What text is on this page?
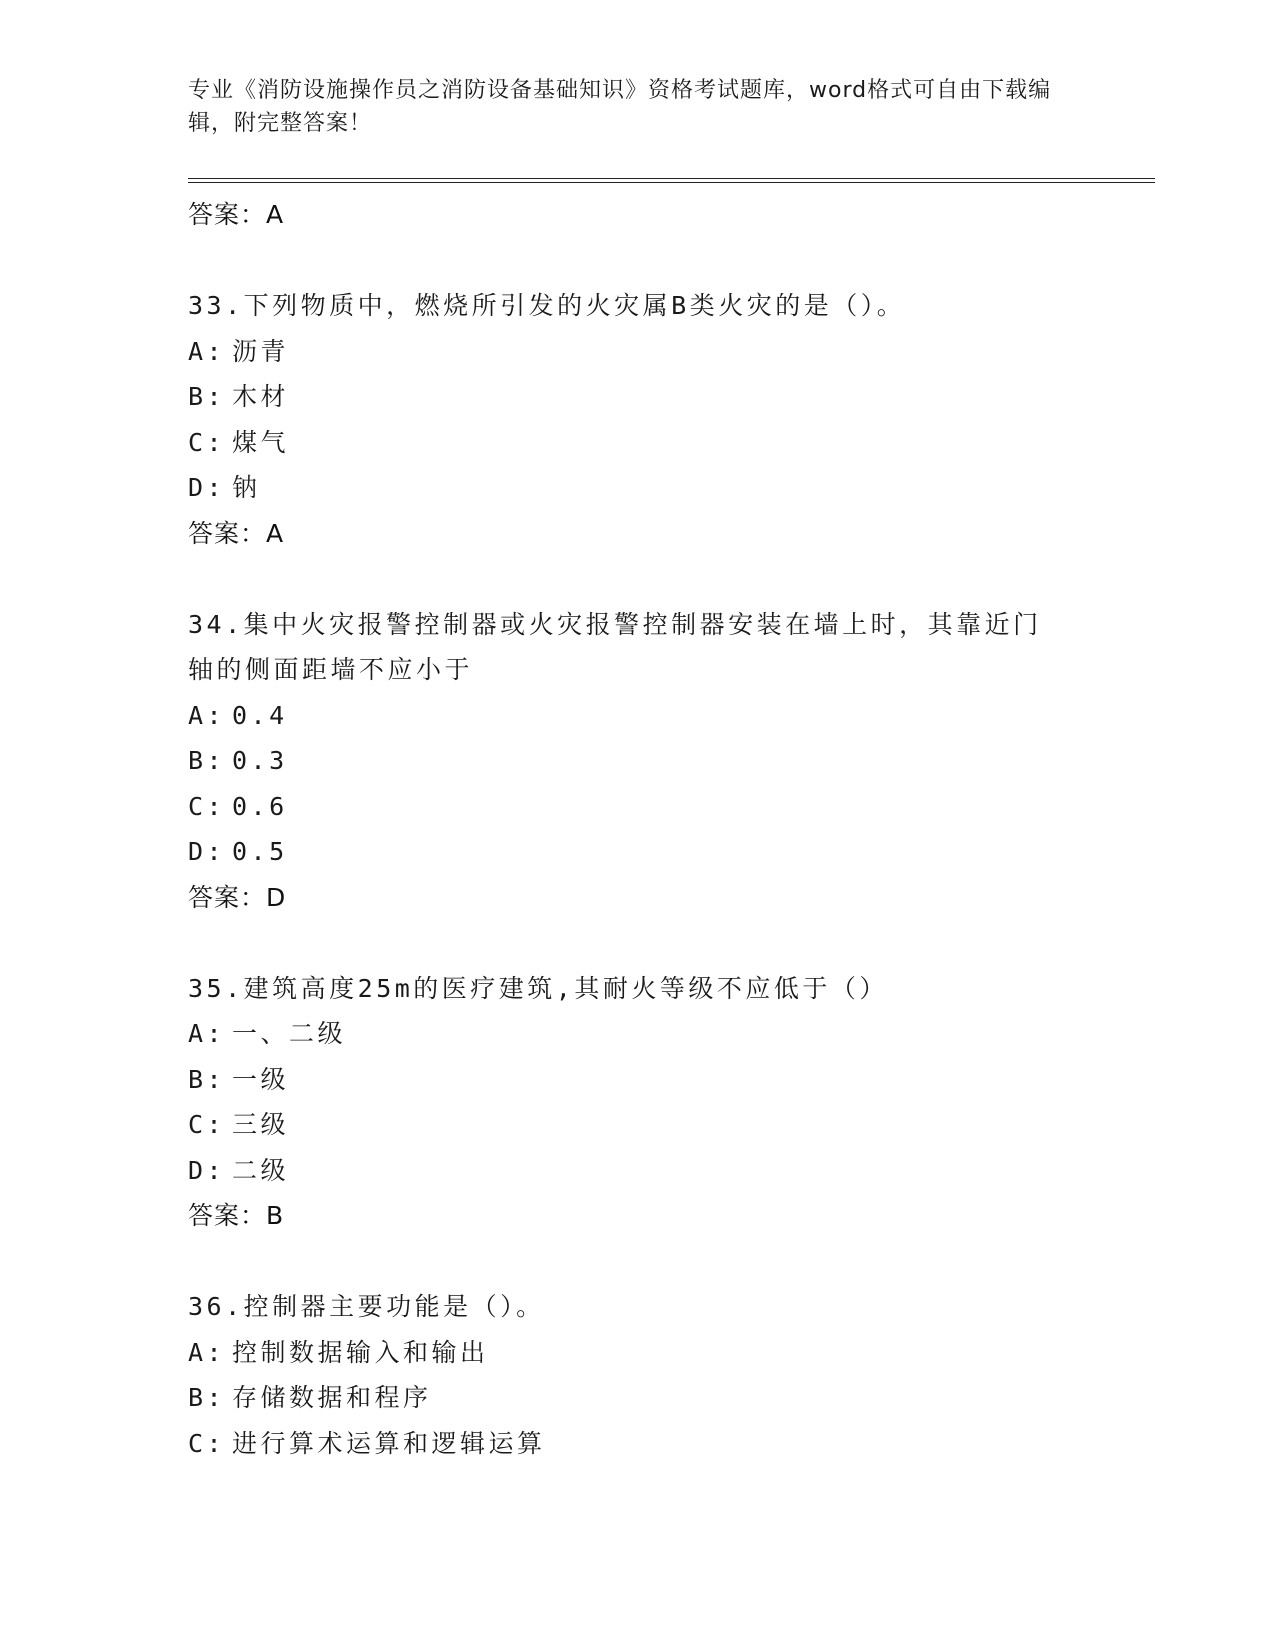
专业《消防设施操作员之消防设备基础知识》资格考试题库，word格式可自由下载编辑，附完整答案！
答案：A
33.下列物质中，燃烧所引发的火灾属B类火灾的是（）。
A: 沥青
B: 木材
C: 煤气
D: 钠
答案：A
34.集中火灾报警控制器或火灾报警控制器安装在墙上时，其靠近门轴的侧面距墙不应小于
A: 0.4
B: 0.3
C: 0.6
D: 0.5
答案：D
35.建筑高度25m的医疗建筑,其耐火等级不应低于（）
A: 一、二级
B: 一级
C: 三级
D: 二级
答案：B
36.控制器主要功能是（）。
A: 控制数据输入和输出
B: 存储数据和程序
C: 进行算术运算和逻辑运算
